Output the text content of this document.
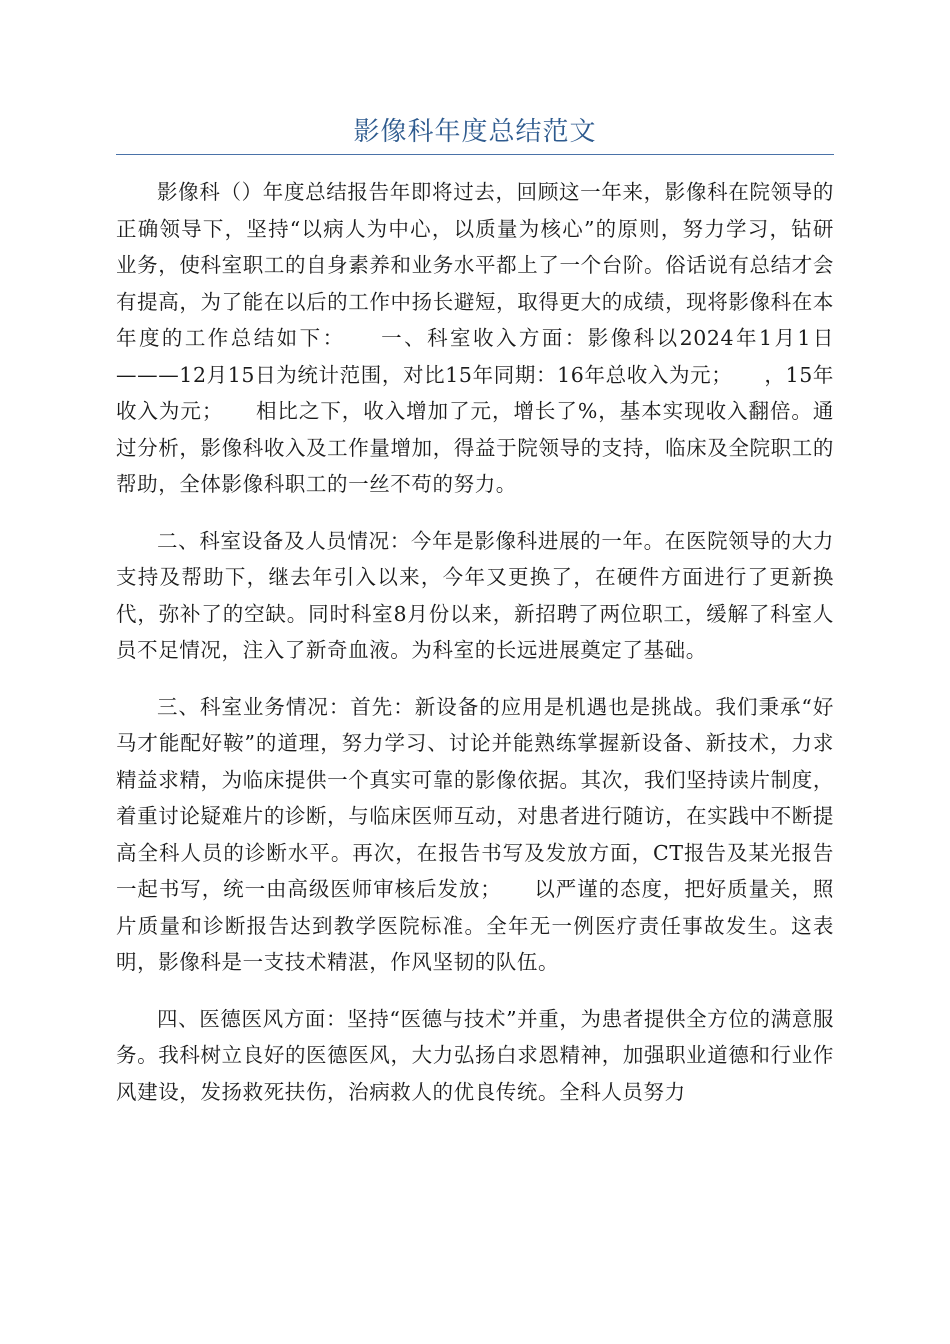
影像科年度总结范文

影像科（）年度总结报告年即将过去，回顾这一年来，影像科在院领导的正确领导下，坚持“以病人为中心，以质量为核心”的原则，努力学习，钻研业务，使科室职工的自身素养和业务水平都上了一个台阶。俗话说有总结才会有提高，为了能在以后的工作中扬长避短，取得更大的成绩，现将影像科在本年度的工作总结如下：　　一、科室收入方面：影像科以2024年1月1日———12月15日为统计范围，对比15年同期：16年总收入为元；　　，15年收入为元；　　相比之下，收入增加了元，增长了%，基本实现收入翻倍。通过分析，影像科收入及工作量增加，得益于院领导的支持，临床及全院职工的帮助，全体影像科职工的一丝不苟的努力。

二、科室设备及人员情况：今年是影像科进展的一年。在医院领导的大力支持及帮助下，继去年引入以来，今年又更换了，在硬件方面进行了更新换代，弥补了的空缺。同时科室8月份以来，新招聘了两位职工，缓解了科室人员不足情况，注入了新奇血液。为科室的长远进展奠定了基础。

三、科室业务情况：首先：新设备的应用是机遇也是挑战。我们秉承“好马才能配好鞍”的道理，努力学习、讨论并能熟练掌握新设备、新技术，力求精益求精，为临床提供一个真实可靠的影像依据。其次，我们坚持读片制度，着重讨论疑难片的诊断，与临床医师互动，对患者进行随访，在实践中不断提高全科人员的诊断水平。再次，在报告书写及发放方面，CT报告及某光报告一起书写，统一由高级医师审核后发放；　　以严谨的态度，把好质量关，照片质量和诊断报告达到教学医院标准。全年无一例医疗责任事故发生。这表明，影像科是一支技术精湛，作风坚韧的队伍。

四、医德医风方面：坚持“医德与技术”并重，为患者提供全方位的满意服务。我科树立良好的医德医风，大力弘扬白求恩精神，加强职业道德和行业作风建设，发扬救死扶伤，治病救人的优良传统。全科人员努力
